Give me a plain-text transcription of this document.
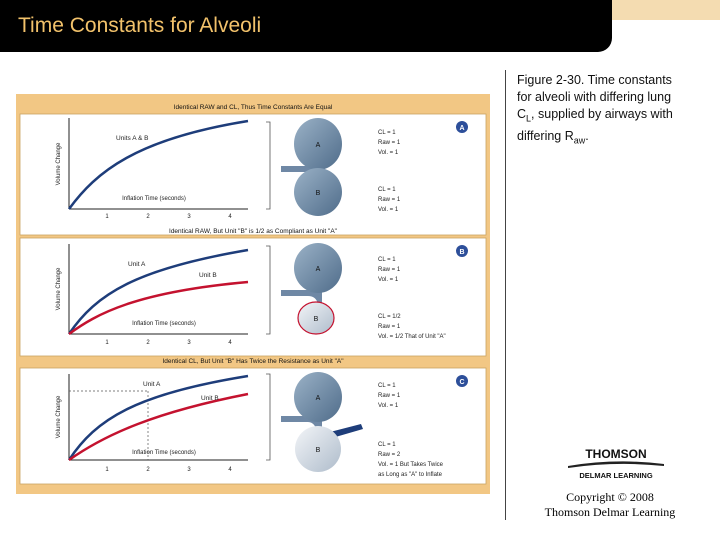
Time Constants for Alveoli
Figure 2-30. Time constants
for alveoli with differing lung
$C_L$, supplied by airways with
differing $R_{aw}$.
THOMSON
DELMAR LEARNING
Copyright © 2008
Thomson Delmar Learning
Identical RAW and CL, Thus Time Constants Are Equal
A
Volume Change
Inflation Time (seconds)
1	2	3	4
Units A & B
A
B
CL = 1
Raw = 1
Vol. = 1
CL = 1
Raw = 1
Vol. = 1
Identical RAW, But Unit "B" is 1/2 as Compliant as Unit "A"
B
Volume Change
Inflation Time (seconds)
1	2	3	4
Unit A
Unit B
A
B
CL = 1
Raw = 1
Vol. = 1
CL = 1/2
Raw = 1
Vol. = 1/2 That of Unit "A"
Identical CL, But Unit "B" Has Twice the Resistance as Unit "A"
C
Volume Change
Inflation Time (seconds)
1	2	3	4
Unit A
Unit B	A
B
CL = 1
Raw = 1
Vol. = 1
CL = 1
Raw = 2
Vol. = 1 But Takes Twice
as Long as "A" to Inflate
